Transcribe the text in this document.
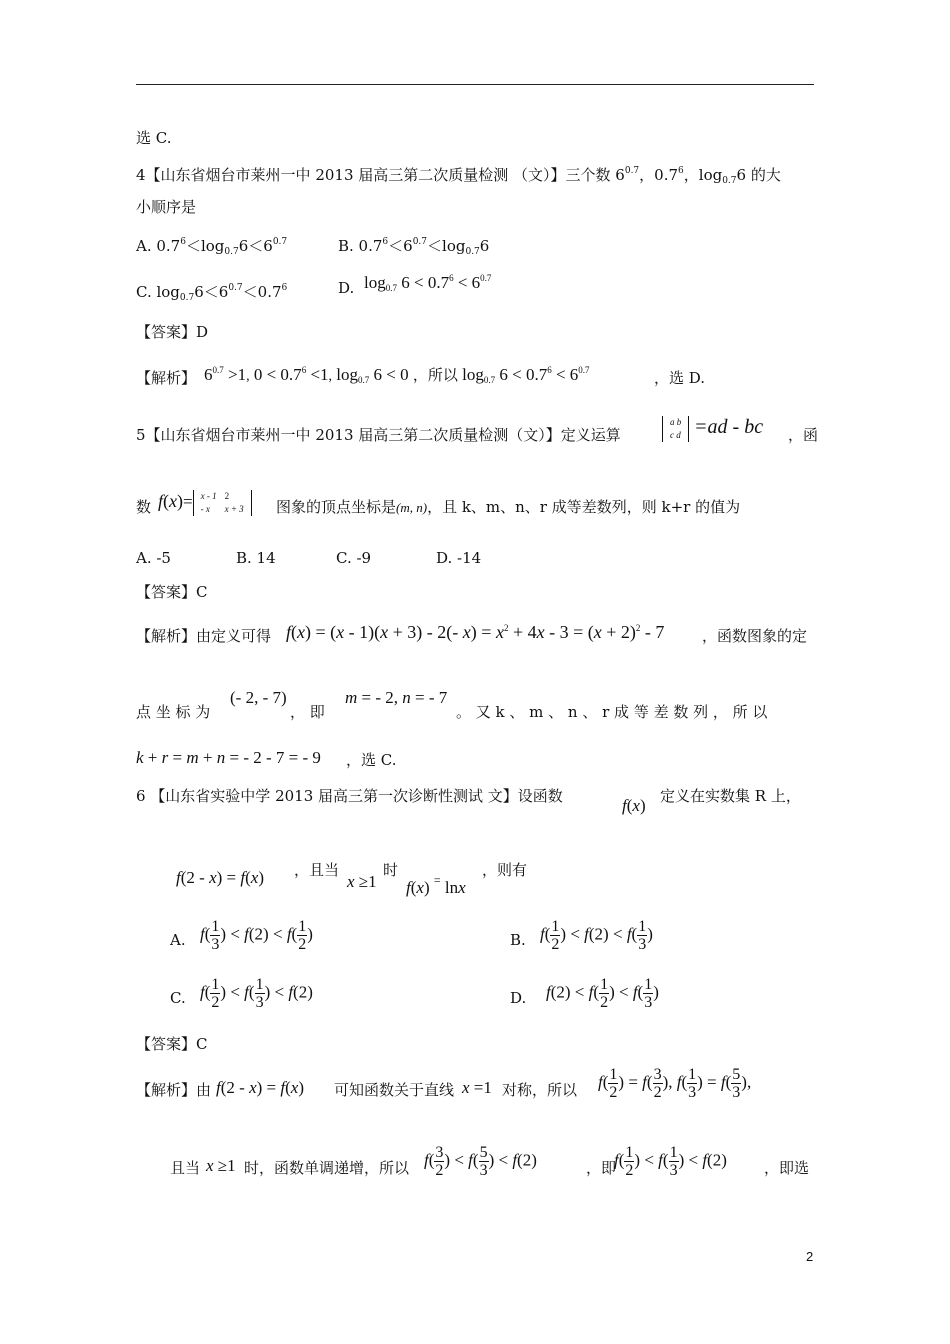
选 C.
4【山东省烟台市莱州一中 2013 届高三第二次质量检测 （文）】三个数 $6^{0.7}$，$0.7^6$，$\log_{0.7}6$ 的大
小顺序是
A. $0.7^6<\log_{0.7}6<6^{0.7}$	B. $0.7^6<6^{0.7}<\log_{0.7}6$
C. $\log_{0.7}6<6^{0.7}<0.7^6$	D. $\log_{0.7} 6 < 0.7^6 < 6^{0.7}$
【答案】D
【解析】 $6^{0.7} >1$, $0 < 0.7^6 <1$, $\log_{0.7} 6 < 0$ ，所以 $\log_{0.7} 6 < 0.7^6 < 6^{0.7}$	，选 D.
5【山东省烟台市莱州一中 2013 届高三第二次质量检测（文）】定义运算
a b
c d =ad - bc ，函
数 f(x)= x - 1	2
- x	x + 3 图象的顶点坐标是(m, n)，且 k、m、n、r 成等差数列，则 k+r 的值为
A. -5	B. 14	C. -9	D. -14
【答案】C
【解析】由定义可得 f(x) = (x - 1)(x + 3) - 2(- $x) = x^2 + 4x - 3 = (x + 2)^2 - 7$	，函数图象的定
点 坐 标 为
(- 2, - 7)
， 即
m = - 2, n = - 7
。 又 k 、 m 、 n 、 r 成 等 差 数 列 ， 所 以
k + r = m + n = - 2 - 7 = - 9 ，选 C.
6 【山东省实验中学 2013 届高三第一次诊断性测试 文】设函数	f(x) 定义在实数集 R 上，
f(2 - x) = f(x) ，且当
x ≥1
时
f(x) = lnx
，则有
A. $f( \frac{1}{3}$ ) < $f(2) < f( \frac{1}{2}$ )	B. $f( \frac{1}{2}$ ) < $f(2) < f( \frac{1}{3}$ )
C. $f( \frac{1}{2}$ ) < $f( \frac{1}{3}$ ) < f(2)	D. $f(2) < f( \frac{1}{2}$ ) < $f( \frac{1}{3}$ )
【答案】C
【解析】由 f(2 - x) = f(x) 可知函数关于直线 x =1 对称，所以 $f( \frac{1}{2}$ ) = $f( \frac{3}{2}$ ), $f( \frac{1}{3}$ ) = $f( \frac{5}{3}$ ),
且当 x ≥1 时，函数单调递增，所以 $f( \frac{3}{2}$ ) < $f( \frac{5}{3}$ ) < f(2)	，即
$f( \frac{1}{2}$ ) < $f( \frac{1}{3}$ ) < f(2) ，即选
2
